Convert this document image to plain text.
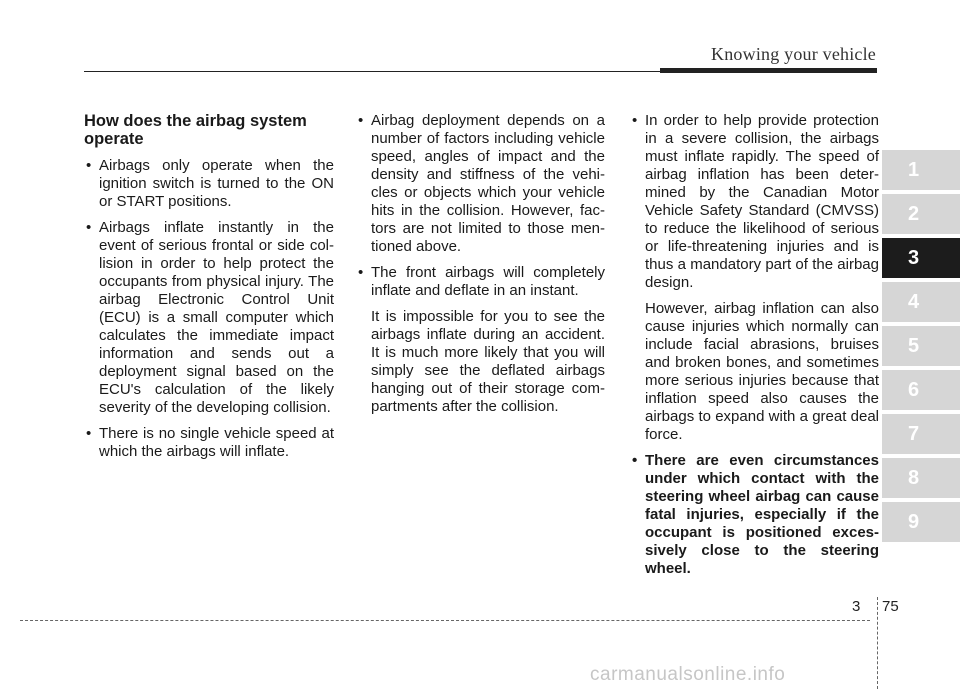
Knowing your vehicle
How does the airbag system operate
• Airbags only operate when the ignition switch is turned to the ON or START positions.
• Airbags inflate instantly in the event of serious frontal or side col-lision in order to help protect the occupants from physical injury. The airbag Electronic Control Unit (ECU) is a small computer which calculates the immediate impact information and sends out a deployment signal based on the ECU's calculation of the likely severity of the developing collision.
• There is no single vehicle speed at which the airbags will inflate.
• Airbag deployment depends on a number of factors including vehicle speed, angles of impact and the density and stiffness of the vehi-cles or objects which your vehicle hits in the collision. However, fac-tors are not limited to those men-tioned above.
• The front airbags will completely inflate and deflate in an instant.
It is impossible for you to see the airbags inflate during an accident. It is much more likely that you will simply see the deflated airbags hanging out of their storage com-partments after the collision.
• In order to help provide protection in a severe collision, the airbags must inflate rapidly. The speed of airbag inflation has been deter-mined by the Canadian Motor Vehicle Safety Standard (CMVSS) to reduce the likelihood of serious or life-threatening injuries and is thus a mandatory part of the airbag design.
However, airbag inflation can also cause injuries which normally can include facial abrasions, bruises and broken bones, and sometimes more serious injuries because that inflation speed also causes the airbags to expand with a great deal force.
• There are even circumstances under which contact with the steering wheel airbag can cause fatal injuries, especially if the occupant is positioned exces-sively close to the steering wheel.
1
2
3
4
5
6
7
8
9
3 75
carmanualsonline.info
